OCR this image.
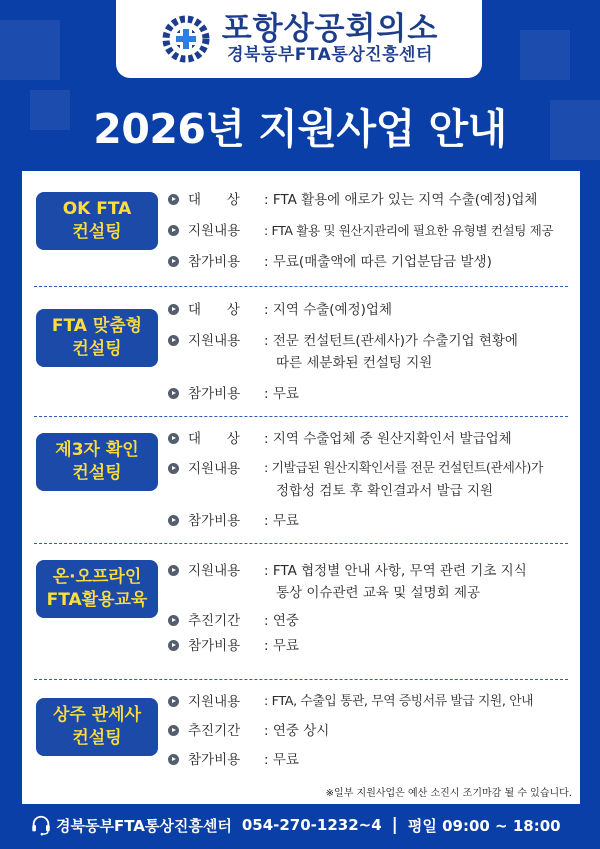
포항상공회의소
경북동부FTA통상진흥센터
2026년 지원사업 안내
OK FTA
컨설팅
대      상	: FTA 활용에 애로가 있는 지역 수출(예정)업체
지원내용	: FTA 활용 및 원산지관리에 필요한 유형별 컨설팅 제공
참가비용	: 무료(매출액에 따른 기업분담금 발생)
FTA 맞춤형
컨설팅
대      상	: 지역 수출(예정)업체
지원내용	: 전문 컨설턴트(관세사)가 수출기업 현황에
따른 세분화된 컨설팅 지원
참가비용	: 무료
제3자 확인
컨설팅
대      상	: 지역 수출업체 중 원산지확인서 발급업체
지원내용	: 기발급된 원산지확인서를 전문 컨설턴트(관세사)가
정합성 검토 후 확인결과서 발급 지원
참가비용	: 무료
온·오프라인
FTA활용교육
지원내용	: FTA 협정별 안내 사항, 무역 관련 기초 지식
통상 이슈관련 교육 및 설명회 제공
추진기간	: 연중
참가비용	: 무료
상주 관세사
컨설팅
지원내용	: FTA, 수출입 통관, 무역 증빙서류 발급 지원, 안내
추진기간	: 연중 상시
참가비용	: 무료
※일부 지원사업은 예산 소진시 조기마감 될 수 있습니다.
경북동부FTA통상진흥센터 054-270-1232~4 | 평일 09:00 ~ 18:00
